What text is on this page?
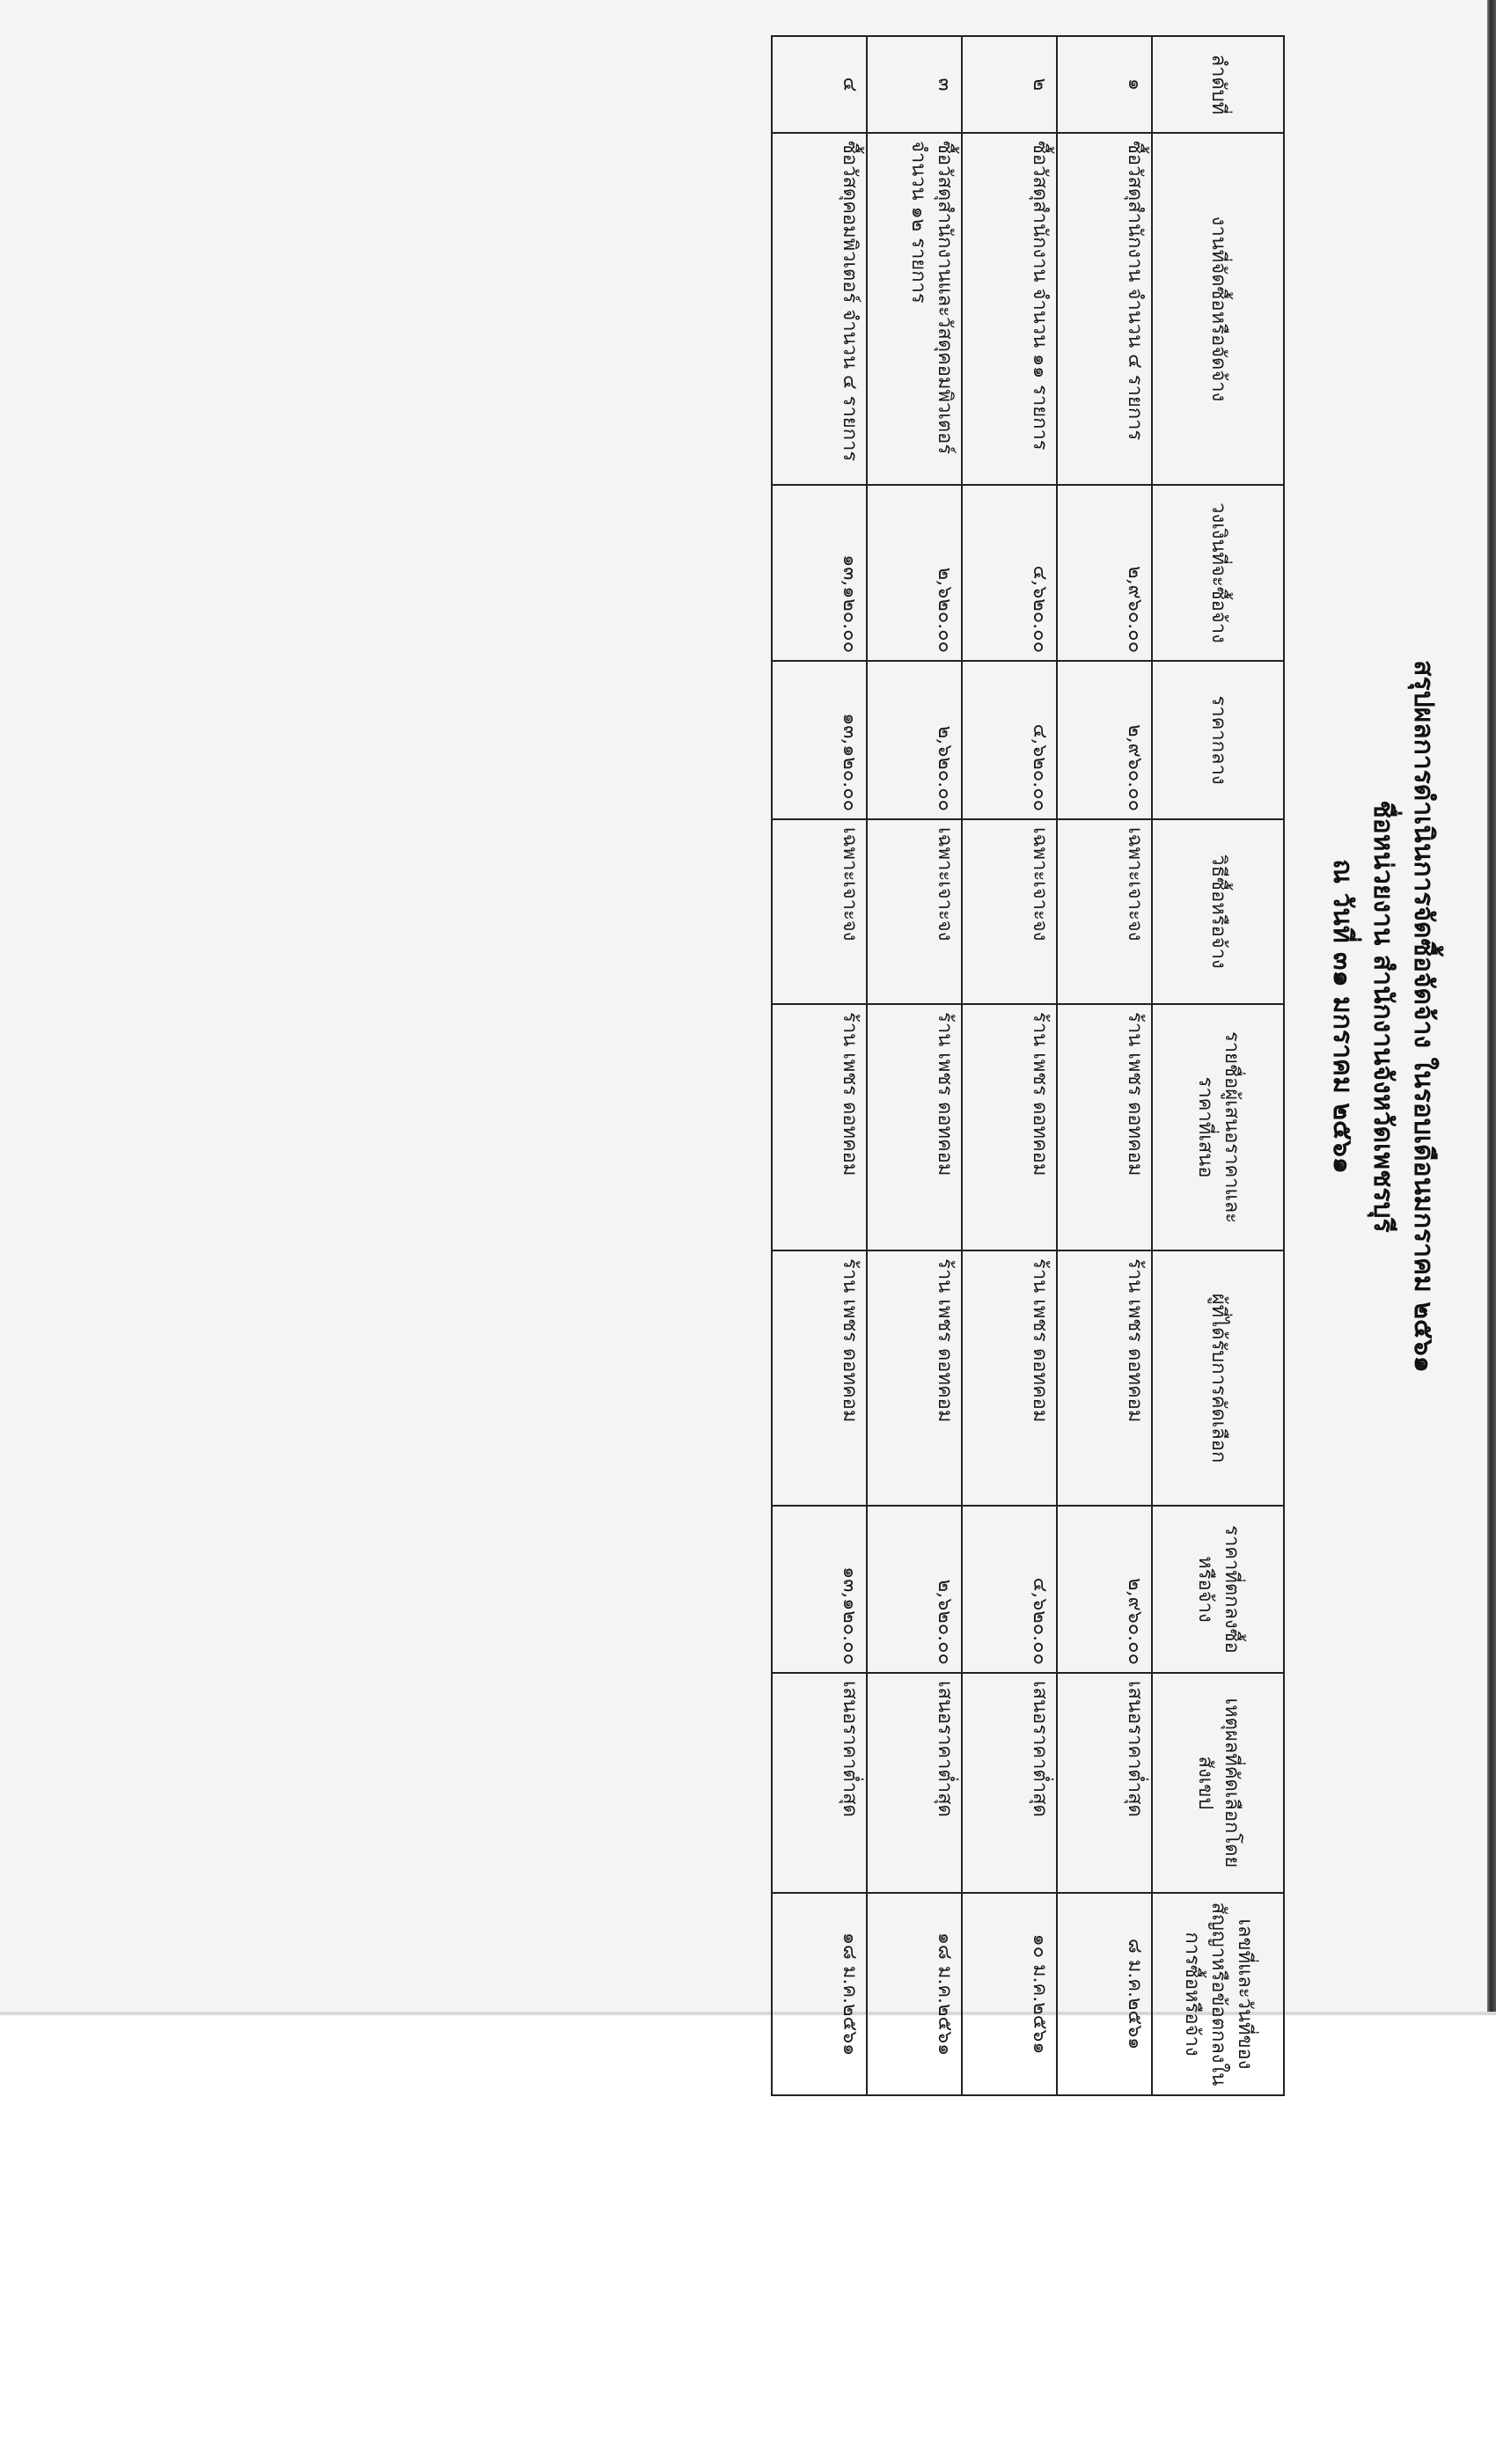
สรุปผลการดำเนินการจัดซื้อจัดจ้าง ในรอบเดือนมกราคม ๒๕๖๑
ชื่อหน่วยงาน สำนักงานจังหวัดเพชรบุรี
ณ วันที่ ๓๑ มกราคม ๒๕๖๑
ลำดับที่	งานที่จัดซื้อหรือจัดจ้าง	วงเงินที่จะซื้อจ้าง	ราคากลาง	วิธีซื้อหรือจ้าง	รายชื่อผู้เสนอราคาและราคาที่เสนอ	ผู้ที่ได้รับการคัดเลือก	ราคาที่ตกลงซื้อหรือจ้าง	เหตุผลที่คัดเลือกโดยสังเขป	เลขที่และวันที่ของสัญญาหรือข้อตกลงในการซื้อหรือจ้าง
๑	ซื้อวัสดุสำนักงาน จำนวน ๔ รายการ	๒,๙๖๐.๐๐	๒,๙๖๐.๐๐	เฉพาะเจาะจง	ร้าน เพชร ดอทคอม	ร้าน เพชร ดอทคอม	๒,๙๖๐.๐๐	เสนอราคาต่ำสุด	๘ ม.ค.๒๕๖๑
๒	ซื้อวัสดุสำนักงาน จำนวน ๑๑ รายการ	๔,๖๒๐.๐๐	๔,๖๒๐.๐๐	เฉพาะเจาะจง	ร้าน เพชร ดอทคอม	ร้าน เพชร ดอทคอม	๔,๖๒๐.๐๐	เสนอราคาต่ำสุด	๑๐ ม.ค.๒๕๖๑
๓	ซื้อวัสดุสำนักงานและวัสดุคอมพิวเตอร์ จำนวน ๑๒ รายการ	๒,๖๒๐.๐๐	๒,๖๒๐.๐๐	เฉพาะเจาะจง	ร้าน เพชร ดอทคอม	ร้าน เพชร ดอทคอม	๒,๖๒๐.๐๐	เสนอราคาต่ำสุด	๑๘ ม.ค.๒๕๖๑
๔	ซื้อวัสดุคอมพิวเตอร์ จำนวน ๔ รายการ	๑๓,๑๒๐.๐๐	๑๓,๑๒๐.๐๐	เฉพาะเจาะจง	ร้าน เพชร ดอทคอม	ร้าน เพชร ดอทคอม	๑๓,๑๒๐.๐๐	เสนอราคาต่ำสุด	๑๘ ม.ค.๒๕๖๑
